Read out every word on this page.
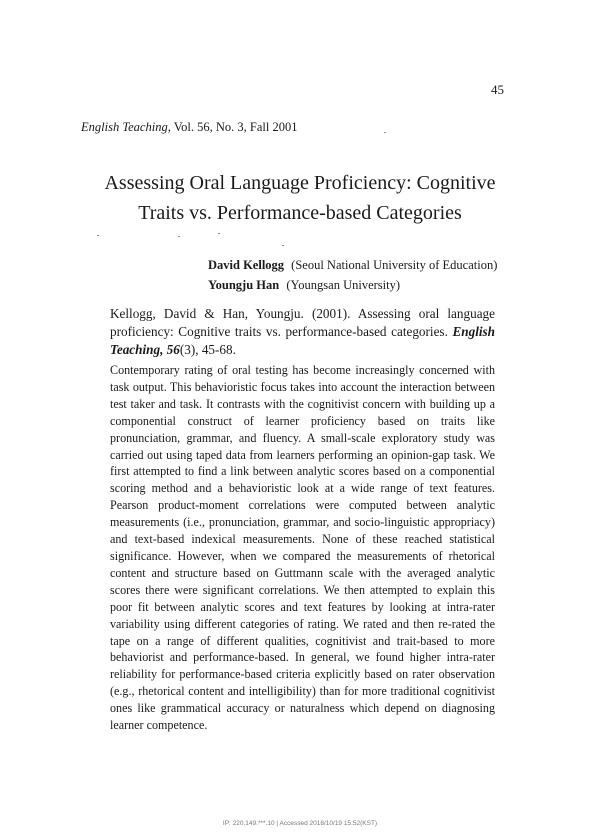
45
English Teaching, Vol. 56, No. 3, Fall 2001
Assessing Oral Language Proficiency: Cognitive
Traits vs. Performance-based Categories
David Kellogg (Seoul National University of Education)
Youngju Han (Youngsan University)
Kellogg, David & Han, Youngju. (2001). Assessing oral language proficiency: Cognitive traits vs. performance-based categories. English Teaching, 56(3), 45-68.
Contemporary rating of oral testing has become increasingly concerned with task output. This behavioristic focus takes into account the interaction between test taker and task. It contrasts with the cognitivist concern with building up a componential construct of learner proficiency based on traits like pronunciation, grammar, and fluency. A small-scale exploratory study was carried out using taped data from learners performing an opinion-gap task. We first attempted to find a link between analytic scores based on a componential scoring method and a behavioristic look at a wide range of text features. Pearson product-moment correlations were computed between analytic measurements (i.e., pronunciation, grammar, and socio-linguistic appropriacy) and text-based indexical measurements. None of these reached statistical significance. However, when we compared the measurements of rhetorical content and structure based on Guttmann scale with the averaged analytic scores there were significant correlations. We then attempted to explain this poor fit between analytic scores and text features by looking at intra-rater variability using different categories of rating. We rated and then re-rated the tape on a range of different qualities, cognitivist and trait-based to more behaviorist and performance-based. In general, we found higher intra-rater reliability for performance-based criteria explicitly based on rater observation (e.g., rhetorical content and intelligibility) than for more traditional cognitivist ones like grammatical accuracy or naturalness which depend on diagnosing learner competence.
IP: 220.149.***.10 | Accessed 2018/10/19 15:52(KST)
